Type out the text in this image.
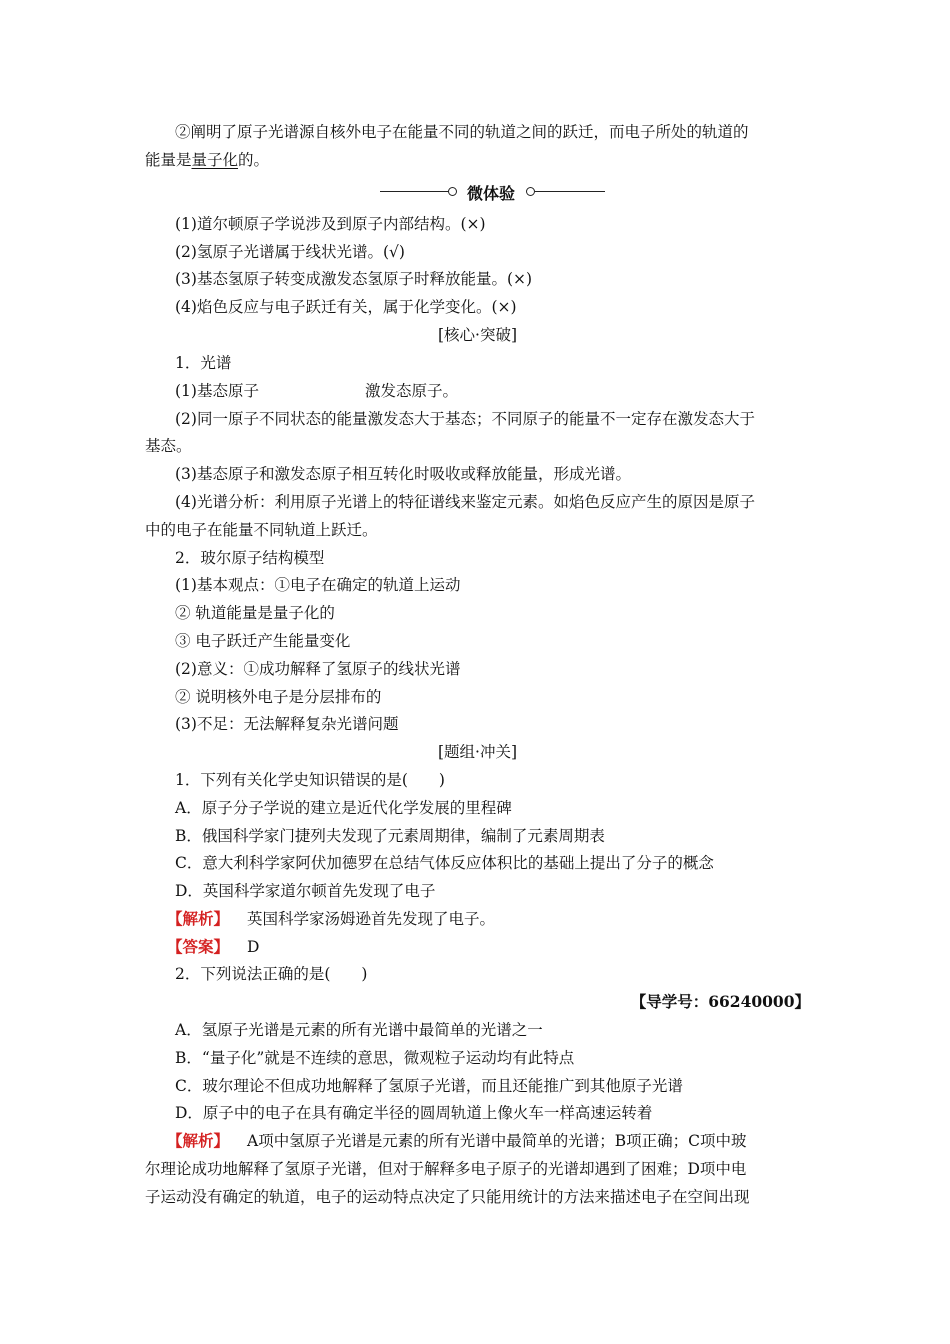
②阐明了原子光谱源自核外电子在能量不同的轨道之间的跃迁，而电子所处的轨道的
能量是量子化的。
微体验
(1)道尔顿原子学说涉及到原子内部结构。(×)
(2)氢原子光谱属于线状光谱。(√)
(3)基态氢原子转变成激发态氢原子时释放能量。(×)
(4)焰色反应与电子跃迁有关，属于化学变化。(×)
[核心·突破]
1．光谱
(1)基态原子	激发态原子。
(2)同一原子不同状态的能量激发态大于基态；不同原子的能量不一定存在激发态大于
基态。
(3)基态原子和激发态原子相互转化时吸收或释放能量，形成光谱。
(4)光谱分析：利用原子光谱上的特征谱线来鉴定元素。如焰色反应产生的原因是原子
中的电子在能量不同轨道上跃迁。
2．玻尔原子结构模型
(1)基本观点：①电子在确定的轨道上运动
② 轨道能量是量子化的
③ 电子跃迁产生能量变化
(2)意义：①成功解释了氢原子的线状光谱
② 说明核外电子是分层排布的
(3)不足：无法解释复杂光谱问题
[题组·冲关]
1．下列有关化学史知识错误的是(　　)
A．原子分子学说的建立是近代化学发展的里程碑
B．俄国科学家门捷列夫发现了元素周期律，编制了元素周期表
C．意大利科学家阿伏加德罗在总结气体反应体积比的基础上提出了分子的概念
D．英国科学家道尔顿首先发现了电子
【解析】 英国科学家汤姆逊首先发现了电子。
【答案】 D
2．下列说法正确的是(　　)
【导学号：66240000】
A．氢原子光谱是元素的所有光谱中最简单的光谱之一
B．“量子化”就是不连续的意思，微观粒子运动均有此特点
C．玻尔理论不但成功地解释了氢原子光谱，而且还能推广到其他原子光谱
D．原子中的电子在具有确定半径的圆周轨道上像火车一样高速运转着
【解析】 A项中氢原子光谱是元素的所有光谱中最简单的光谱；B项正确；C项中玻
尔理论成功地解释了氢原子光谱，但对于解释多电子原子的光谱却遇到了困难；D项中电
子运动没有确定的轨道，电子的运动特点决定了只能用统计的方法来描述电子在空间出现
